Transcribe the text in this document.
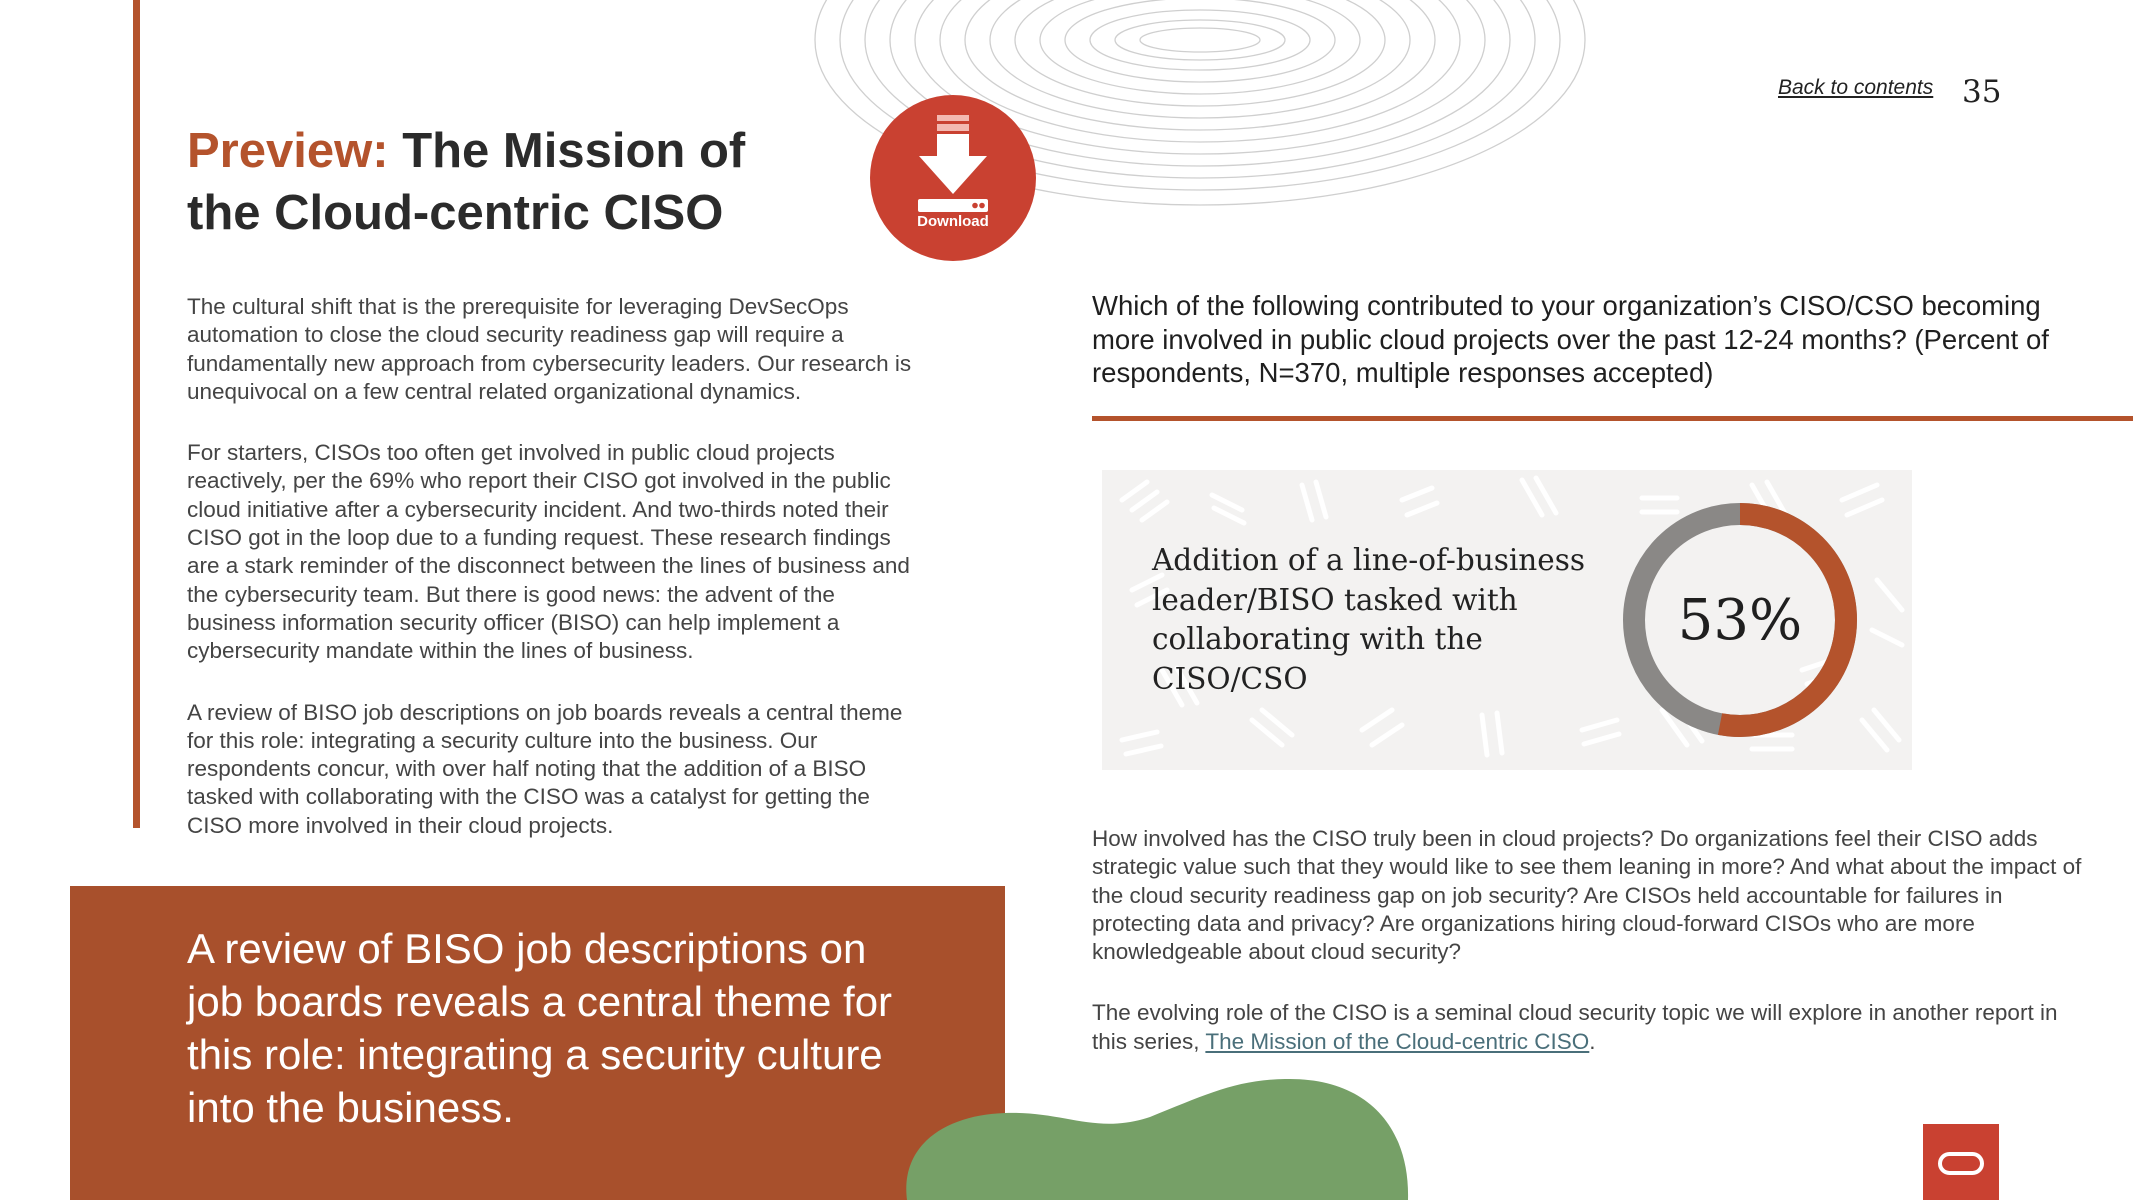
Back to contents 35
Preview: The Mission of
the Cloud-centric CISO	Download

The cultural shift that is the prerequisite for leveraging DevSecOps automation to close the cloud security readiness gap will require a fundamentally new approach from cybersecurity leaders. Our research is unequivocal on a few central related organizational dynamics.

For starters, CISOs too often get involved in public cloud projects reactively, per the 69% who report their CISO got involved in the public cloud initiative after a cybersecurity incident. And two-thirds noted their CISO got in the loop due to a funding request. These research findings are a stark reminder of the disconnect between the lines of business and the cybersecurity team. But there is good news: the advent of the business information security officer (BISO) can help implement a cybersecurity mandate within the lines of business.

A review of BISO job descriptions on job boards reveals a central theme for this role: integrating a security culture into the business. Our respondents concur, with over half noting that the addition of a BISO tasked with collaborating with the CISO was a catalyst for getting the CISO more involved in their cloud projects.

A review of BISO job descriptions on job boards reveals a central theme for this role: integrating a security culture into the business.

Which of the following contributed to your organization’s CISO/CSO becoming more involved in public cloud projects over the past 12-24 months? (Percent of respondents, N=370, multiple responses accepted)
Addition of a line-of-business leader/BISO tasked with collaborating with the CISO/CSO
53%

How involved has the CISO truly been in cloud projects? Do organizations feel their CISO adds strategic value such that they would like to see them leaning in more? And what about the impact of the cloud security readiness gap on job security? Are CISOs held accountable for failures in protecting data and privacy? Are organizations hiring cloud-forward CISOs who are more knowledgeable about cloud security?

The evolving role of the CISO is a seminal cloud security topic we will explore in another report in this series, The Mission of the Cloud-centric CISO.
